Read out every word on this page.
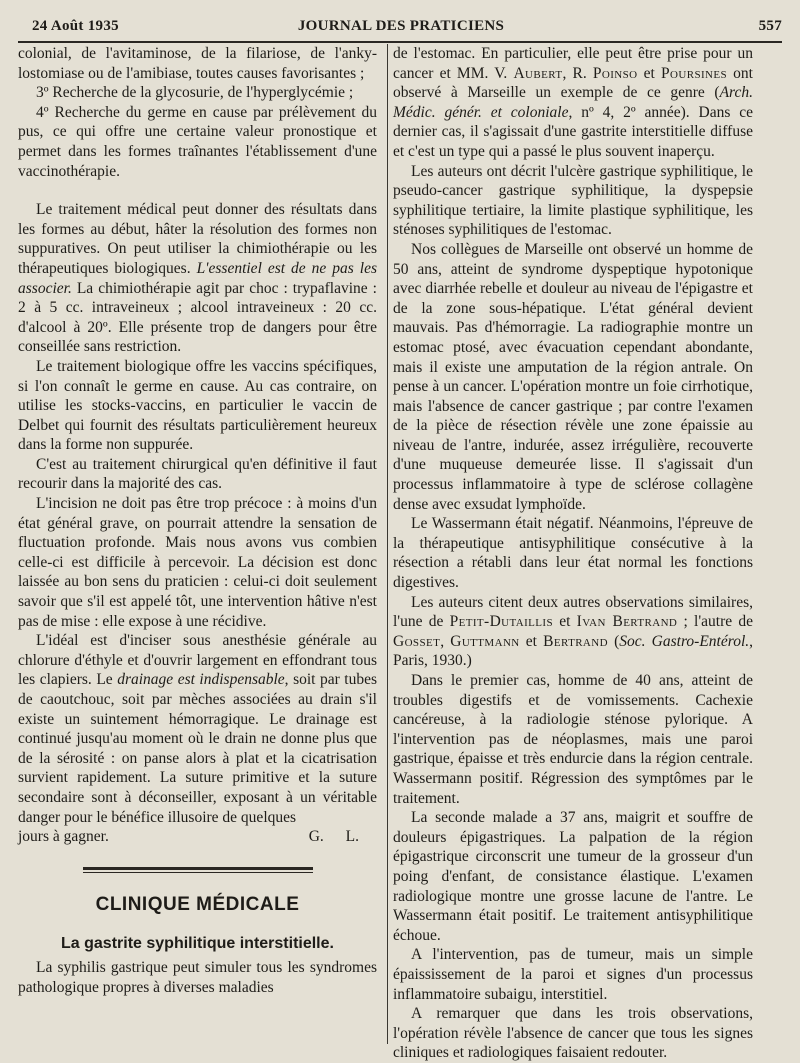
24 Août 1935	JOURNAL DES PRATICIENS	557

colonial, de l'avitaminose, de la filariose, de l'ankylostomiase ou de l'amibiase, toutes causes favorisantes ;

3º Recherche de la glycosurie, de l'hyperglycémie ;

4º Recherche du germe en cause par prélèvement du pus, ce qui offre une certaine valeur pronostique et permet dans les formes traînantes l'établissement d'une vaccinothérapie.

Le traitement médical peut donner des résultats dans les formes au début, hâter la résolution des formes non suppuratives. On peut utiliser la chimiothérapie ou les thérapeutiques biologiques. L'essentiel est de ne pas les associer. La chimiothérapie agit par choc : trypaflavine : 2 à 5 cc. intraveineux ; alcool intraveineux : 20 cc. d'alcool à 20º. Elle présente trop de dangers pour être conseillée sans restriction.

Le traitement biologique offre les vaccins spécifiques, si l'on connaît le germe en cause. Au cas contraire, on utilise les stocks-vaccins, en particulier le vaccin de Delbet qui fournit des résultats particulièrement heureux dans la forme non suppurée.

C'est au traitement chirurgical qu'en définitive il faut recourir dans la majorité des cas.

L'incision ne doit pas être trop précoce : à moins d'un état général grave, on pourrait attendre la sensation de fluctuation profonde. Mais nous avons vus combien celle-ci est difficile à percevoir. La décision est donc laissée au bon sens du praticien : celui-ci doit seulement savoir que s'il est appelé tôt, une intervention hâtive n'est pas de mise : elle expose à une récidive.

L'idéal est d'inciser sous anesthésie générale au chlorure d'éthyle et d'ouvrir largement en effondrant tous les clapiers. Le drainage est indispensable, soit par tubes de caoutchouc, soit par mèches associées au drain s'il existe un suintement hémorragique. Le drainage est continué jusqu'au moment où le drain ne donne plus que de la sérosité : on panse alors à plat et la cicatrisation survient rapidement. La suture primitive et la suture secondaire sont à déconseiller, exposant à un véritable danger pour le bénéfice illusoire de quelques

jours à gagner.	G. L.
CLINIQUE MÉDICALE
La gastrite syphilitique interstitielle.

La syphilis gastrique peut simuler tous les syndromes pathologique propres à diverses maladies

de l'estomac. En particulier, elle peut être prise pour un cancer et MM. V. Aubert, R. Poinso et Poursines ont observé à Marseille un exemple de ce genre (Arch. Médic. génér. et coloniale, nº 4, 2º année). Dans ce dernier cas, il s'agissait d'une gastrite interstitielle diffuse et c'est un type qui a passé le plus souvent inaperçu.

Les auteurs ont décrit l'ulcère gastrique syphilitique, le pseudo-cancer gastrique syphilitique, la dyspepsie syphilitique tertiaire, la limite plastique syphilitique, les sténoses syphilitiques de l'estomac.

Nos collègues de Marseille ont observé un homme de 50 ans, atteint de syndrome dyspeptique hypotonique avec diarrhée rebelle et douleur au niveau de l'épigastre et de la zone sous-hépatique. L'état général devient mauvais. Pas d'hémorragie. La radiographie montre un estomac ptosé, avec évacuation cependant abondante, mais il existe une amputation de la région antrale. On pense à un cancer. L'opération montre un foie cirrhotique, mais l'absence de cancer gastrique ; par contre l'examen de la pièce de résection révèle une zone épaissie au niveau de l'antre, indurée, assez irrégulière, recouverte d'une muqueuse demeurée lisse. Il s'agissait d'un processus inflammatoire à type de sclérose collagène dense avec exsudat lymphoïde.

Le Wassermann était négatif. Néanmoins, l'épreuve de la thérapeutique antisyphilitique consécutive à la résection a rétabli dans leur état normal les fonctions digestives.

Les auteurs citent deux autres observations similaires, l'une de Petit-Dutaillis et Ivan Bertrand ; l'autre de Gosset, Guttmann et Bertrand (Soc. Gastro-Entérol., Paris, 1930.)

Dans le premier cas, homme de 40 ans, atteint de troubles digestifs et de vomissements. Cachexie cancéreuse, à la radiologie sténose pylorique. A l'intervention pas de néoplasmes, mais une paroi gastrique, épaisse et très endurcie dans la région centrale. Wassermann positif. Régression des symptômes par le traitement.

La seconde malade a 37 ans, maigrit et souffre de douleurs épigastriques. La palpation de la région épigastrique circonscrit une tumeur de la grosseur d'un poing d'enfant, de consistance élastique. L'examen radiologique montre une grosse lacune de l'antre. Le Wassermann était positif. Le traitement antisyphilitique échoue.

A l'intervention, pas de tumeur, mais un simple épaississement de la paroi et signes d'un processus inflammatoire subaigu, interstitiel.

A remarquer que dans les trois observations, l'opération révèle l'absence de cancer que tous les signes cliniques et radiologiques faisaient redouter.
